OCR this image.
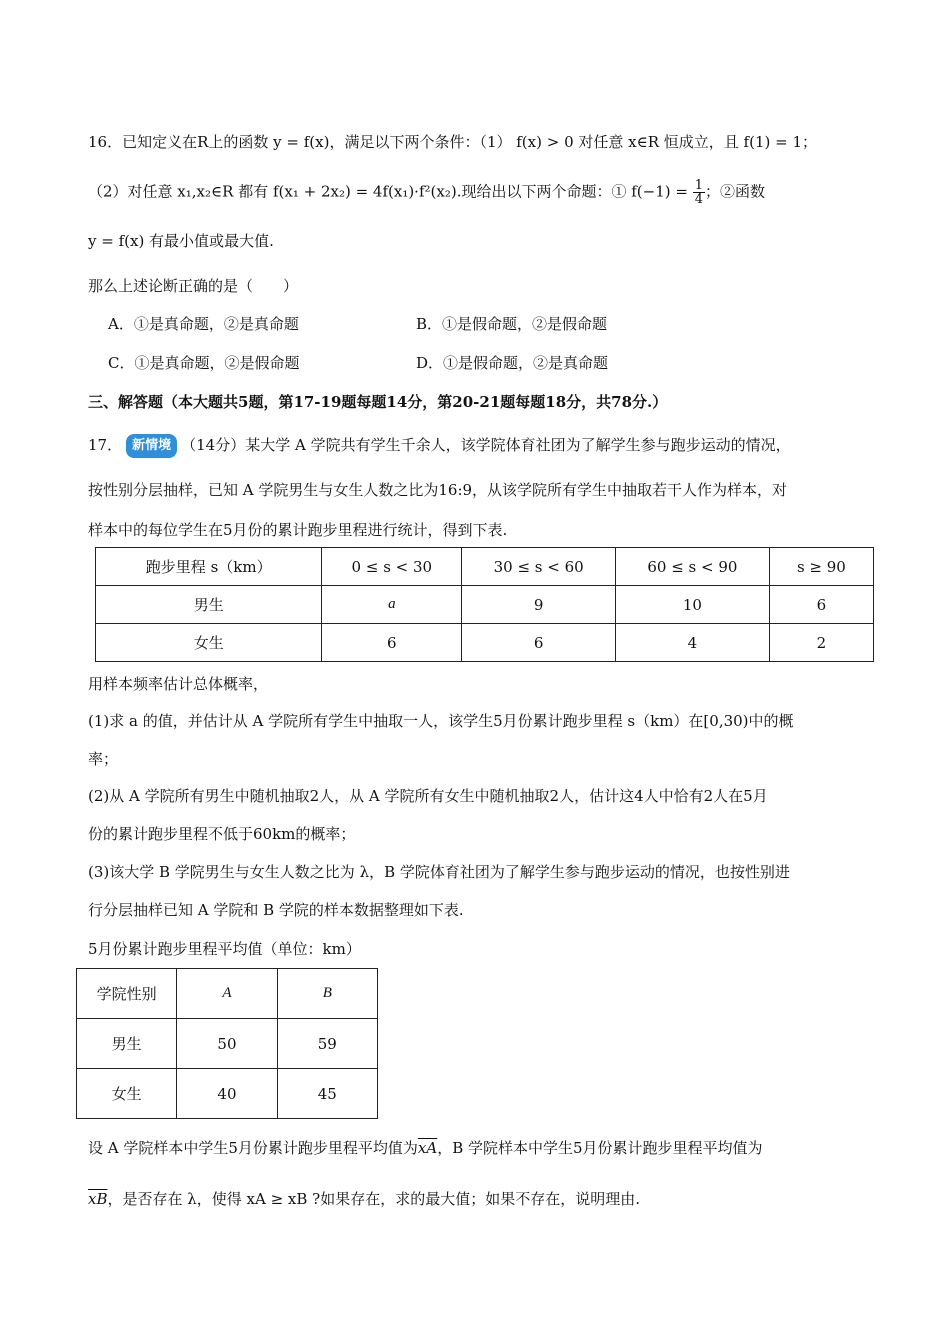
16．已知定义在R上的函数 y = f(x)，满足以下两个条件：（1） f(x) > 0 对任意 x∈R 恒成立，且 f(1) = 1；
（2）对任意 x₁,x₂∈R 都有 f(x₁ + 2x₂) = 4f(x₁)·f²(x₂).现给出以下两个命题：① $f(-1) = \frac{1}{4}$ ；②函数
y = f(x) 有最小值或最大值.
那么上述论断正确的是（　　）
A．①是真命题，②是真命题	B．①是假命题，②是假命题
C．①是真命题，②是假命题	D．①是假命题，②是真命题
三、解答题（本大题共5题，第17-19题每题14分，第20-21题每题18分，共78分.）
17． 新情境 （14分）某大学 A 学院共有学生千余人，该学院体育社团为了解学生参与跑步运动的情况，
按性别分层抽样，已知 A 学院男生与女生人数之比为16:9，从该学院所有学生中抽取若干人作为样本，对
样本中的每位学生在5月份的累计跑步里程进行统计，得到下表.
跑步里程 s（km）	0 ≤ s < 30	30 ≤ s < 60	60 ≤ s < 90	s ≥ 90
男生	a	9	10	6
女生	6	6	4	2
用样本频率估计总体概率，
(1)求 a 的值，并估计从 A 学院所有学生中抽取一人，该学生5月份累计跑步里程 s（km）在[0,30)中的概
率；
(2)从 A 学院所有男生中随机抽取2人，从 A 学院所有女生中随机抽取2人，估计这4人中恰有2人在5月
份的累计跑步里程不低于60km的概率；
(3)该大学 B 学院男生与女生人数之比为 λ，B 学院体育社团为了解学生参与跑步运动的情况，也按性别进
行分层抽样已知 A 学院和 B 学院的样本数据整理如下表.
5月份累计跑步里程平均值（单位：km）
学院性别	A	B
男生	50	59
女生	40	45
设 A 学院样本中学生5月份累计跑步里程平均值为$\overline{xA}$，B 学院样本中学生5月份累计跑步里程平均值为
$\overline{xB}$，是否存在 λ，使得 xA ≥ xB ?如果存在，求的最大值；如果不存在，说明理由.
